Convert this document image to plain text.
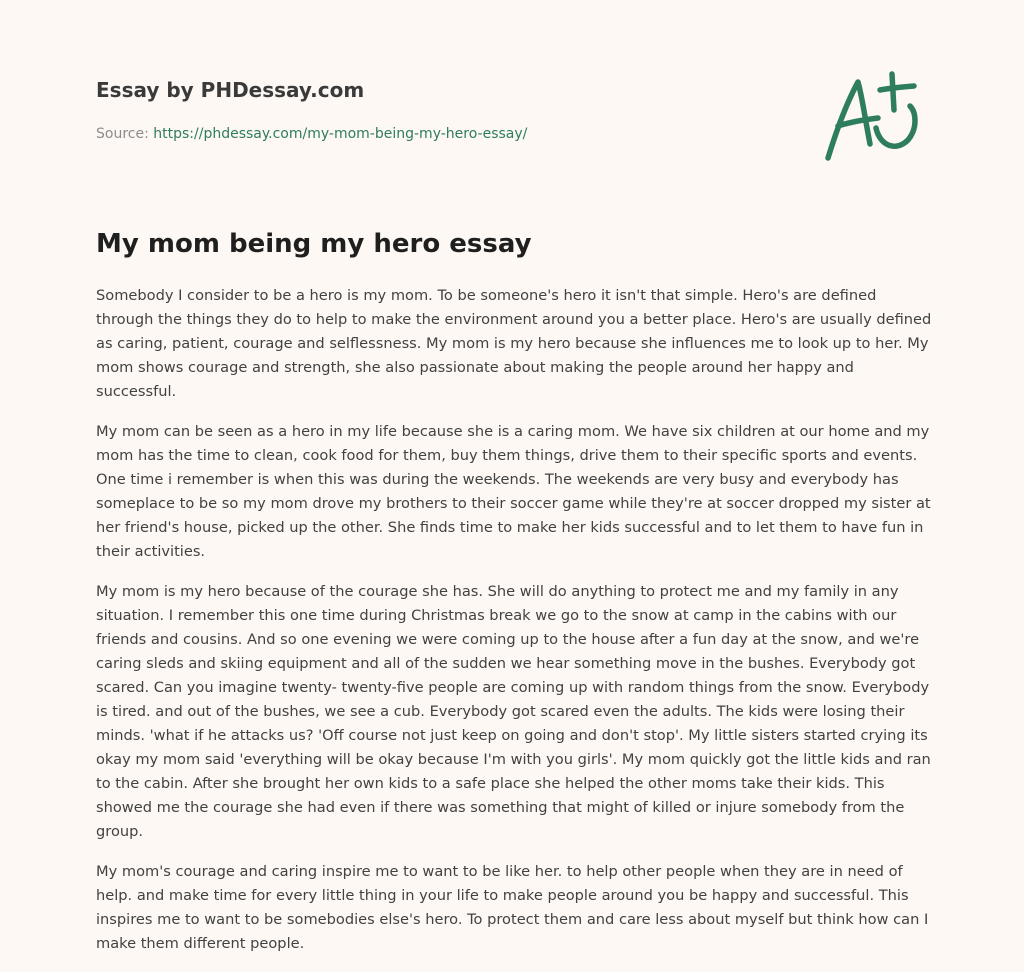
Essay by PHDessay.com
Source: https://phdessay.com/my-mom-being-my-hero-essay/
My mom being my hero essay

Somebody I consider to be a hero is my mom. To be someone's hero it isn't that simple. Hero's are defined through the things they do to help to make the environment around you a better place. Hero's are usually defined as caring, patient, courage and selflessness. My mom is my hero because she influences me to look up to her. My mom shows courage and strength, she also passionate about making the people around her happy and successful.

My mom can be seen as a hero in my life because she is a caring mom. We have six children at our home and my mom has the time to clean, cook food for them, buy them things, drive them to their specific sports and events. One time i remember is when this was during the weekends. The weekends are very busy and everybody has someplace to be so my mom drove my brothers to their soccer game while they're at soccer dropped my sister at her friend's house, picked up the other. She finds time to make her kids successful and to let them to have fun in their activities.

My mom is my hero because of the courage she has. She will do anything to protect me and my family in any situation. I remember this one time during Christmas break we go to the snow at camp in the cabins with our friends and cousins. And so one evening we were coming up to the house after a fun day at the snow, and we're caring sleds and skiing equipment and all of the sudden we hear something move in the bushes. Everybody got scared. Can you imagine twenty- twenty-five people are coming up with random things from the snow. Everybody is tired. and out of the bushes, we see a cub. Everybody got scared even the adults. The kids were losing their minds. 'what if he attacks us? 'Off course not just keep on going and don't stop'. My little sisters started crying its okay my mom said 'everything will be okay because I'm with you girls'. My mom quickly got the little kids and ran to the cabin. After she brought her own kids to a safe place she helped the other moms take their kids. This showed me the courage she had even if there was something that might of killed or injure somebody from the group.

My mom's courage and caring inspire me to want to be like her. to help other people when they are in need of help. and make time for every little thing in your life to make people around you be happy and successful. This inspires me to want to be somebodies else's hero. To protect them and care less about myself but think how can I make them different people.
